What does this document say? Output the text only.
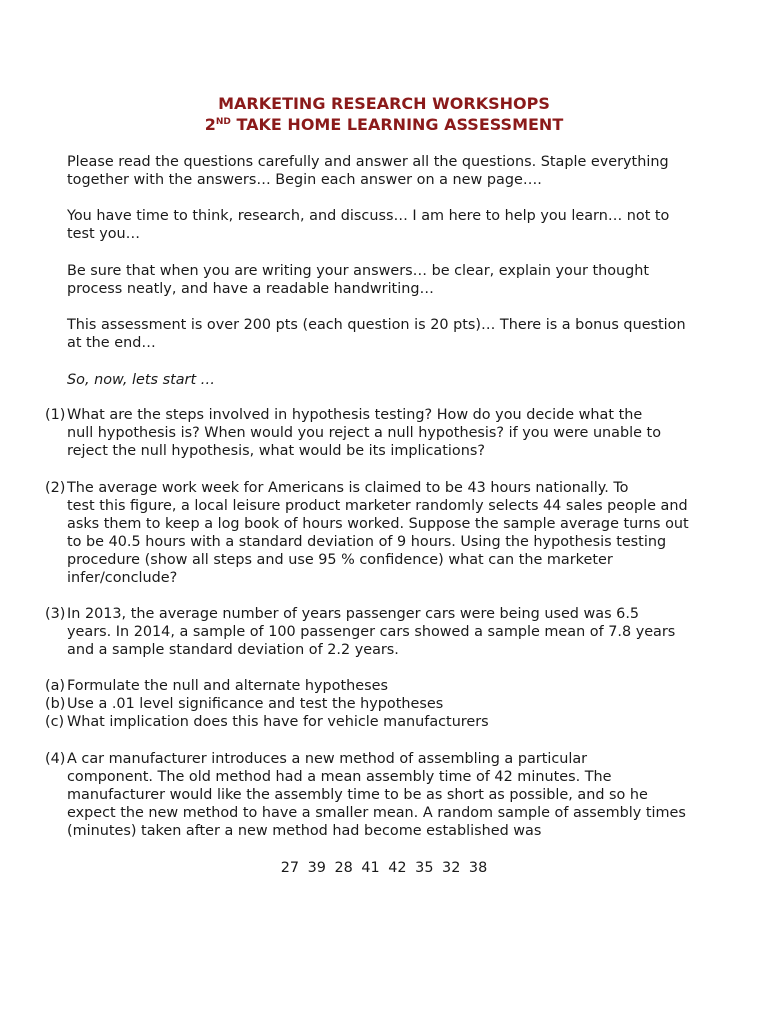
MARKETING RESEARCH WORKSHOPS
2ND TAKE HOME LEARNING ASSESSMENT
Please read the questions carefully and answer all the questions. Staple everything
together with the answers… Begin each answer on a new page….
You have time to think, research, and discuss… I am here to help you learn… not to
test you…
Be sure that when you are writing your answers… be clear, explain your thought
process neatly, and have a readable handwriting…
This assessment is over 200 pts (each question is 20 pts)… There is a bonus question
at the end…
So, now, lets start …
(1) What are the steps involved in hypothesis testing? How do you decide what the
null hypothesis is? When would you reject a null hypothesis? if you were unable to
reject the null hypothesis, what would be its implications?
(2) The average work week for Americans is claimed to be 43 hours nationally. To
test this figure, a local leisure product marketer randomly selects 44 sales people and
asks them to keep a log book of hours worked. Suppose the sample average turns out
to be 40.5 hours with a standard deviation of 9 hours. Using the hypothesis testing
procedure (show all steps and use 95 % confidence) what can the marketer
infer/conclude?
(3) In 2013, the average number of years passenger cars were being used was 6.5
years. In 2014, a sample of 100 passenger cars showed a sample mean of 7.8 years
and a sample standard deviation of 2.2 years.
(a) Formulate the null and alternate hypotheses
(b) Use a .01 level significance and test the hypotheses
(c) What implication does this have for vehicle manufacturers
(4) A car manufacturer introduces a new method of assembling a particular
component. The old method had a mean assembly time of 42 minutes. The
manufacturer would like the assembly time to be as short as possible, and so he
expect the new method to have a smaller mean. A random sample of assembly times
(minutes) taken after a new method had become established was
27 39 28 41 42 35 32 38
